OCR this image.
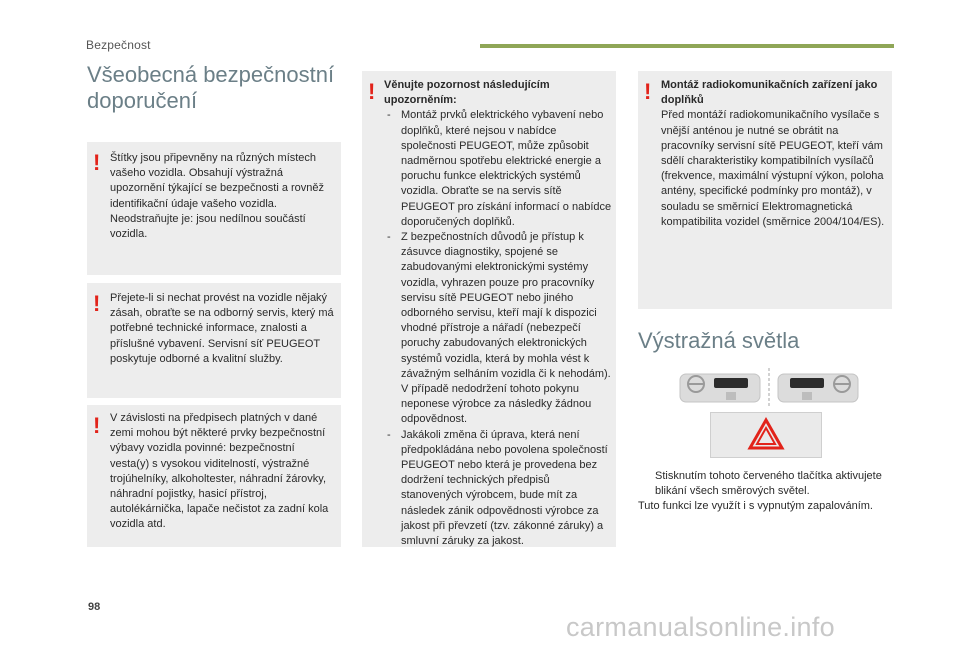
Bezpečnost
Všeobecná bezpečnostní doporučení
! Štítky jsou připevněny na různých místech vašeho vozidla. Obsahují výstražná upozornění týkající se bezpečnosti a rovněž identifikační údaje vašeho vozidla. Neodstraňujte je: jsou nedílnou součástí vozidla.
! Přejete-li si nechat provést na vozidle nějaký zásah, obraťte se na odborný servis, který má potřebné technické informace, znalosti a příslušné vybavení. Servisní síť PEUGEOT poskytuje odborné a kvalitní služby.
! V závislosti na předpisech platných v dané zemi mohou být některé prvky bezpečnostní výbavy vozidla povinné: bezpečnostní vesta(y) s vysokou viditelností, výstražné trojúhelníky, alkoholtester, náhradní žárovky, náhradní pojistky, hasicí přístroj, autolékárnička, lapače nečistot za zadní kola vozidla atd.
! Věnujte pozornost následujícím upozorněním:

- Montáž prvků elektrického vybavení nebo doplňků, které nejsou v nabídce společnosti PEUGEOT, může způsobit nadměrnou spotřebu elektrické energie a poruchu funkce elektrických systémů vozidla. Obraťte se na servis sítě PEUGEOT pro získání informací o nabídce doporučených doplňků.
- Z bezpečnostních důvodů je přístup k zásuvce diagnostiky, spojené se zabudovanými elektronickými systémy vozidla, vyhrazen pouze pro pracovníky servisu sítě PEUGEOT nebo jiného odborného servisu, kteří mají k dispozici vhodné přístroje a nářadí (nebezpečí poruchy zabudovaných elektronických systémů vozidla, která by mohla vést k závažným selháním vozidla či k nehodám). V případě nedodržení tohoto pokynu neponese výrobce za následky žádnou odpovědnost.
- Jakákoli změna či úprava, která není předpokládána nebo povolena společností PEUGEOT nebo která je provedena bez dodržení technických předpisů stanovených výrobcem, bude mít za následek zánik odpovědnosti výrobce za jakost při převzetí (tzv. zákonné záruky) a smluvní záruky za jakost.
! Montáž radiokomunikačních zařízení jako doplňků

Před montáží radiokomunikačního vysílače s vnější anténou je nutné se obrátit na pracovníky servisní sítě PEUGEOT, kteří vám sdělí charakteristiky kompatibilních vysílačů (frekvence, maximální výstupní výkon, poloha antény, specifické podmínky pro montáž), v souladu se směrnicí Elektromagnetická kompatibilita vozidel (směrnice 2004/104/ES).

Výstražná světla

Stisknutím tohoto červeného tlačítka aktivujete blikání všech směrových světel.

Tuto funkci lze využít i s vypnutým zapalováním.

98
carmanualsonline.info
